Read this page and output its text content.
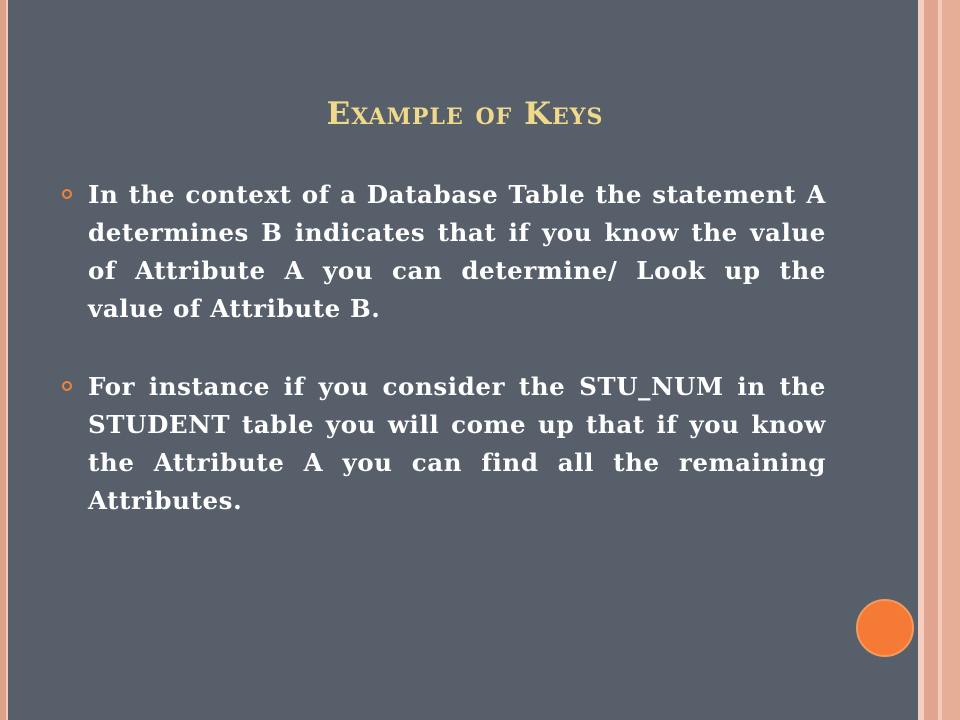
Example of Keys
In the context of a Database Table the statement A determines B indicates that if you know the value of Attribute A you can determine/ Look up the value of Attribute B.
For instance if you consider the STU_NUM in the STUDENT table you will come up that if you know the Attribute A you can find all the remaining Attributes.
